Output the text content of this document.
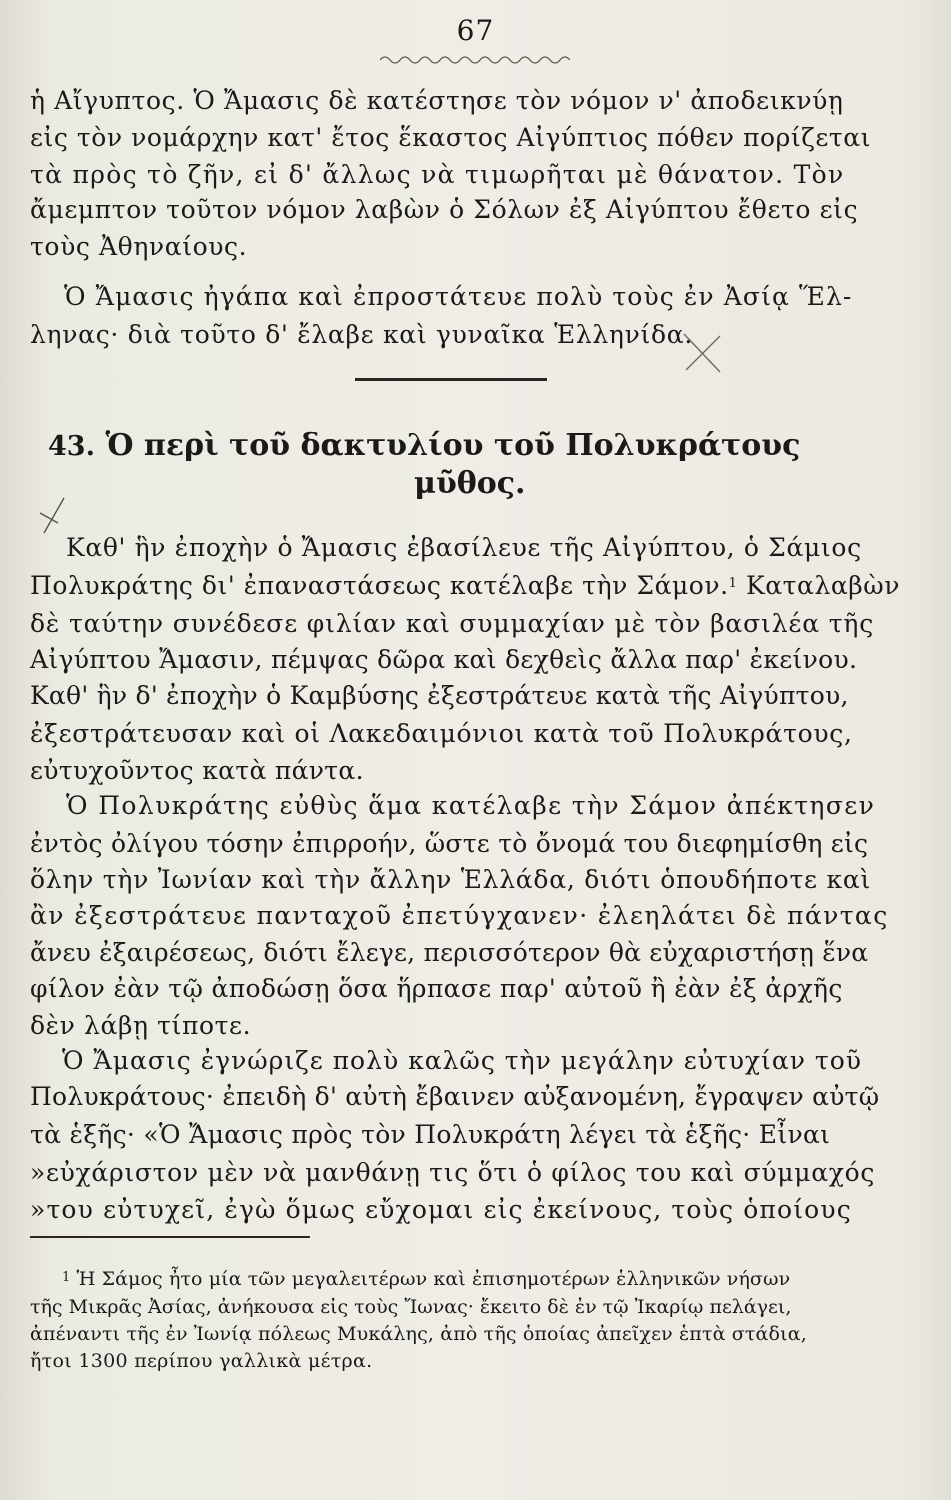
67
ἡ Αἴγυπτος. Ὁ Ἄμασις δὲ κατέστησε τὸν νόμον ν' ἀποδεικνύῃ
εἰς τὸν νομάρχην κατ' ἔτος ἕκαστος Αἰγύπτιος πόθεν πορίζεται
τὰ πρὸς τὸ ζῆν, εἰ δ' ἄλλως νὰ τιμωρῆται μὲ θάνατον. Τὸν
ἄμεμπτον τοῦτον νόμον λαβὼν ὁ Σόλων ἐξ Αἰγύπτου ἔθετο εἰς
τοὺς Ἀθηναίους.
Ὁ Ἄμασις ἠγάπα καὶ ἐπροστάτευε πολὺ τοὺς ἐν Ἀσίᾳ Ἕλ-
ληνας· διὰ τοῦτο δ' ἔλαβε καὶ γυναῖκα Ἑλληνίδα.
43. Ὁ περὶ τοῦ δακτυλίου τοῦ Πολυκράτους
μῦθος.
Καθ' ἣν ἐποχὴν ὁ Ἄμασις ἐβασίλευε τῆς Αἰγύπτου, ὁ Σάμιος
Πολυκράτης δι' ἐπαναστάσεως κατέλαβε τὴν Σάμον.$^1$ Καταλαβὼν
δὲ ταύτην συνέδεσε φιλίαν καὶ συμμαχίαν μὲ τὸν βασιλέα τῆς
Αἰγύπτου Ἄμασιν, πέμψας δῶρα καὶ δεχθεὶς ἄλλα παρ' ἐκείνου.
Καθ' ἣν δ' ἐποχὴν ὁ Καμβύσης ἐξεστράτευε κατὰ τῆς Αἰγύπτου,
ἐξεστράτευσαν καὶ οἱ Λακεδαιμόνιοι κατὰ τοῦ Πολυκράτους,
εὐτυχοῦντος κατὰ πάντα.
Ὁ Πολυκράτης εὐθὺς ἅμα κατέλαβε τὴν Σάμον ἀπέκτησεν
ἐντὸς ὀλίγου τόσην ἐπιρροήν, ὥστε τὸ ὄνομά του διεφημίσθη εἰς
ὅλην τὴν Ἰωνίαν καὶ τὴν ἄλλην Ἑλλάδα, διότι ὁπουδήποτε καὶ
ἂν ἐξεστράτευε πανταχοῦ ἐπετύγχανεν· ἐλεηλάτει δὲ πάντας
ἄνευ ἐξαιρέσεως, διότι ἔλεγε, περισσότερον θὰ εὐχαριστήσῃ ἕνα
φίλον ἐὰν τῷ ἀποδώσῃ ὅσα ἥρπασε παρ' αὐτοῦ ἢ ἐὰν ἐξ ἀρχῆς
δὲν λάβῃ τίποτε.
Ὁ Ἄμασις ἐγνώριζε πολὺ καλῶς τὴν μεγάλην εὐτυχίαν τοῦ
Πολυκράτους· ἐπειδὴ δ' αὐτὴ ἔβαινεν αὐξανομένη, ἔγραψεν αὐτῷ
τὰ ἑξῆς· «Ὁ Ἄμασις πρὸς τὸν Πολυκράτη λέγει τὰ ἑξῆς· Εἶναι
»εὐχάριστον μὲν νὰ μανθάνῃ τις ὅτι ὁ φίλος του καὶ σύμμαχός
»του εὐτυχεῖ, ἐγὼ ὅμως εὔχομαι εἰς ἐκείνους, τοὺς ὁποίους
$^1$ Ἡ Σάμος ἦτο μία τῶν μεγαλειτέρων καὶ ἐπισημοτέρων ἑλληνικῶν νήσων
τῆς Μικρᾶς Ἀσίας, ἀνήκουσα εἰς τοὺς Ἴωνας· ἔκειτο δὲ ἐν τῷ Ἰκαρίῳ πελάγει,
ἀπέναντι τῆς ἐν Ἰωνίᾳ πόλεως Μυκάλης, ἀπὸ τῆς ὁποίας ἀπεῖχεν ἑπτὰ στάδια,
ἤτοι 1300 περίπου γαλλικὰ μέτρα.
